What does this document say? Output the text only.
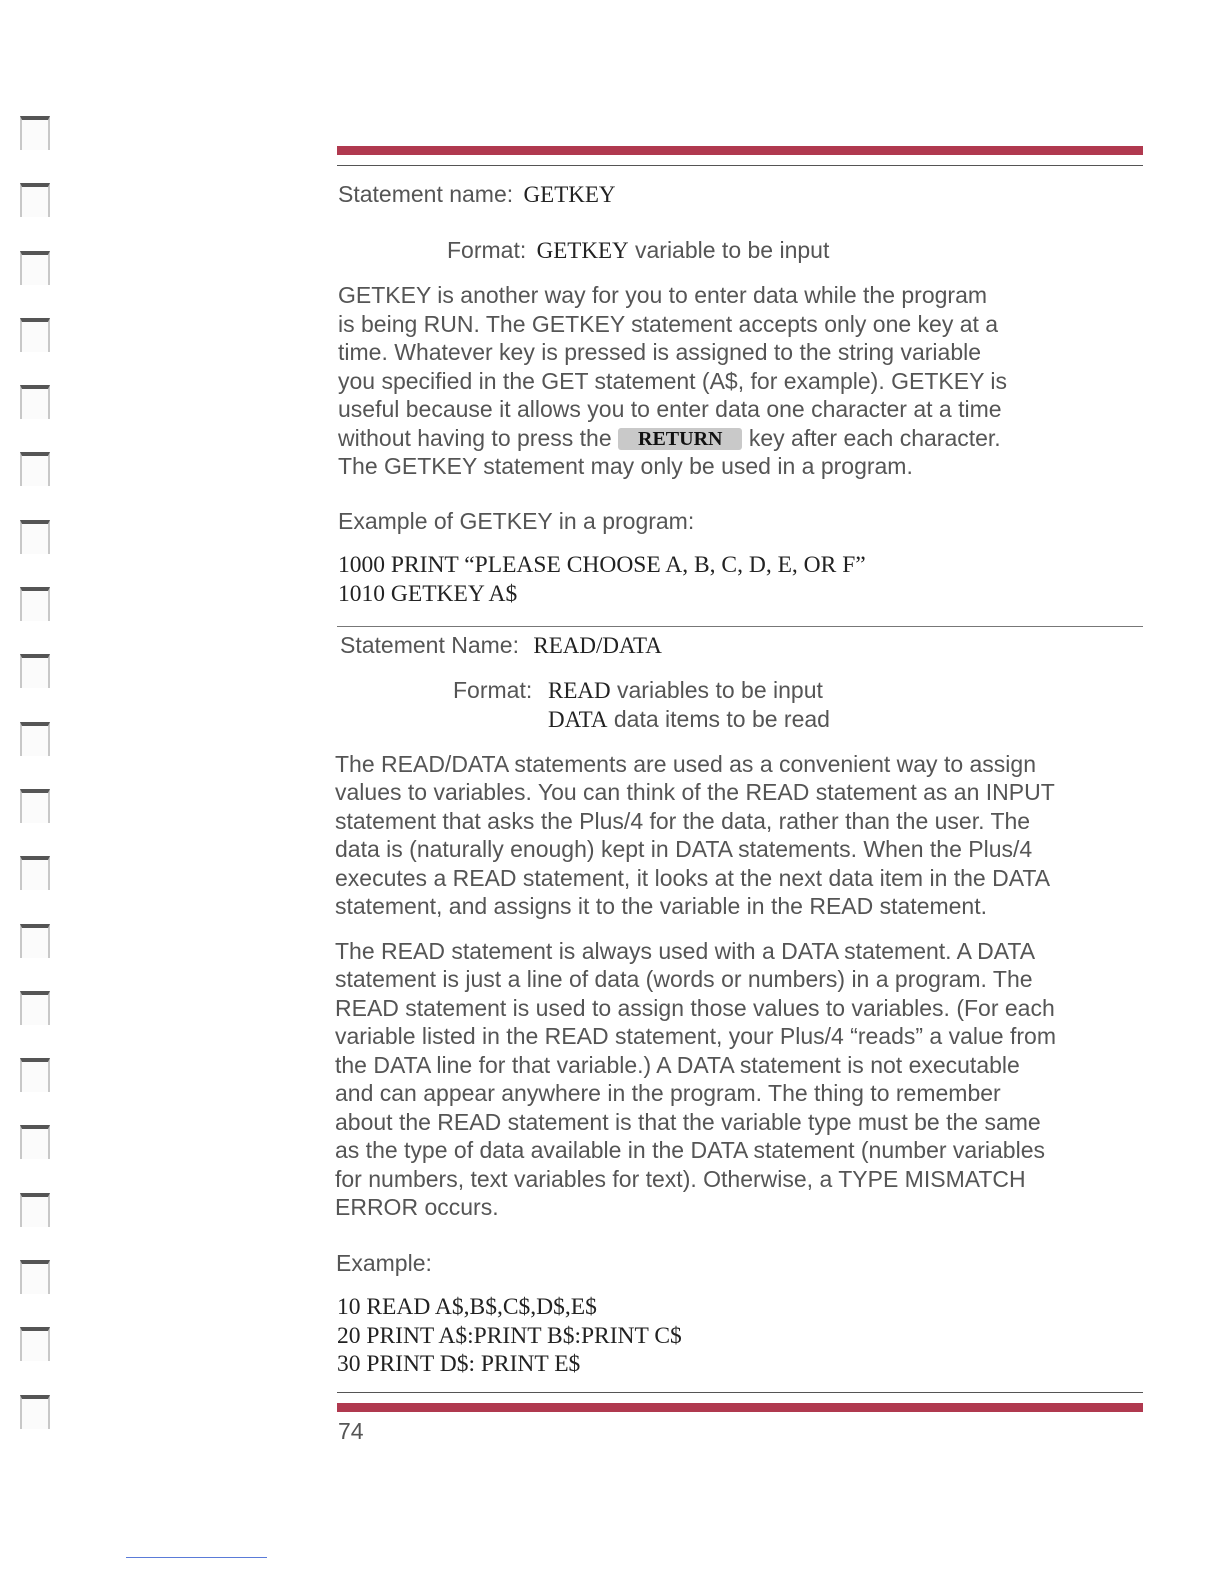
Statement name: GETKEY
Format: GETKEY variable to be input
GETKEY is another way for you to enter data while the program
is being RUN. The GETKEY statement accepts only one key at a
time. Whatever key is pressed is assigned to the string variable
you specified in the GET statement (A$, for example). GETKEY is
useful because it allows you to enter data one character at a time
without having to press the RETURN key after each character.
The GETKEY statement may only be used in a program.
Example of GETKEY in a program:
1000 PRINT “PLEASE CHOOSE A, B, C, D, E, OR F”
1010 GETKEY A$
Statement Name: READ/DATA
Format: READ variables to be input
DATA data items to be read
The READ/DATA statements are used as a convenient way to assign
values to variables. You can think of the READ statement as an INPUT
statement that asks the Plus/4 for the data, rather than the user. The
data is (naturally enough) kept in DATA statements. When the Plus/4
executes a READ statement, it looks at the next data item in the DATA
statement, and assigns it to the variable in the READ statement.
The READ statement is always used with a DATA statement. A DATA
statement is just a line of data (words or numbers) in a program. The
READ statement is used to assign those values to variables. (For each
variable listed in the READ statement, your Plus/4 “reads” a value from
the DATA line for that variable.) A DATA statement is not executable
and can appear anywhere in the program. The thing to remember
about the READ statement is that the variable type must be the same
as the type of data available in the DATA statement (number variables
for numbers, text variables for text). Otherwise, a TYPE MISMATCH
ERROR occurs.
Example:
10 READ A$,B$,C$,D$,E$
20 PRINT A$:PRINT B$:PRINT C$
30 PRINT D$: PRINT E$
74
